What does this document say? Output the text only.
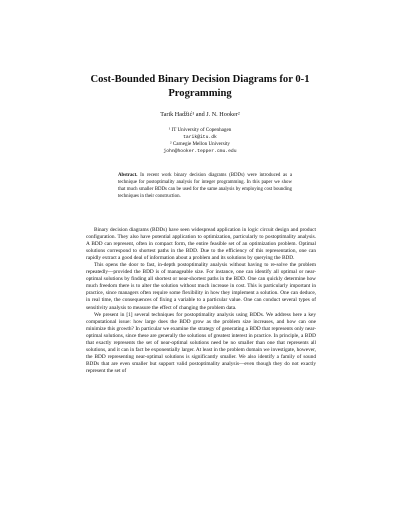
Cost-Bounded Binary Decision Diagrams for 0-1 Programming
Tarik Hadžić¹ and J. N. Hooker²
¹ IT University of Copenhagen
tarik@itu.dk
² Carnegie Mellon University
john@hooker.tepper.cmu.edu
Abstract. In recent work binary decision diagrams (BDDs) were introduced as a technique for postoptimality analysis for integer programming. In this paper we show that much smaller BDDs can be used for the same analysis by employing cost bounding techniques in their construction.

Binary decision diagrams (BDDs) have seen widespread application in logic circuit design and product configuration. They also have potential application to optimization, particularly to postoptimality analysis. A BDD can represent, often in compact form, the entire feasible set of an optimization problem. Optimal solutions correspond to shortest paths in the BDD. Due to the efficiency of this representation, one can rapidly extract a good deal of information about a problem and its solutions by querying the BDD.

This opens the door to fast, in-depth postoptimality analysis without having to re-solve the problem repeatedly—provided the BDD is of manageable size. For instance, one can identify all optimal or near-optimal solutions by finding all shortest or near-shortest paths in the BDD. One can quickly determine how much freedom there is to alter the solution without much increase in cost. This is particularly important in practice, since managers often require some flexibility in how they implement a solution. One can deduce, in real time, the consequences of fixing a variable to a particular value. One can conduct several types of sensitivity analysis to measure the effect of changing the problem data.

We present in [1] several techniques for postoptimality analysis using BDDs. We address here a key computational issue: how large does the BDD grow as the problem size increases, and how can one minimize this growth? In particular we examine the strategy of generating a BDD that represents only near-optimal solutions, since these are generally the solutions of greatest interest in practice. In principle, a BDD that exactly represents the set of near-optimal solutions need be no smaller than one that represents all solutions, and it can in fact be exponentially larger. At least in the problem domain we investigate, however, the BDD representing near-optimal solutions is significantly smaller. We also identify a family of sound BDDs that are even smaller but support valid postoptimality analysis—even though they do not exactly represent the set of
